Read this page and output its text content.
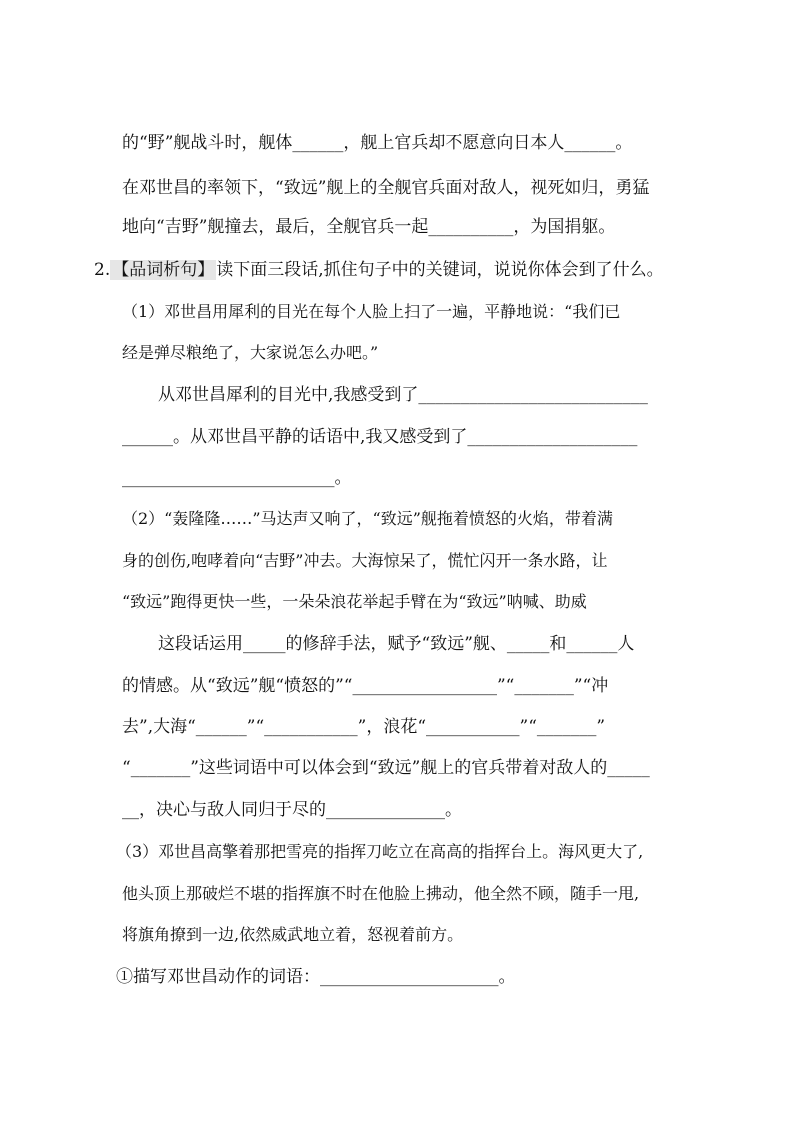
的“野”舰战斗时，舰体______，舰上官兵却不愿意向日本人______。
在邓世昌的率领下，“致远”舰上的全舰官兵面对敌人，视死如归，勇猛
地向“吉野”舰撞去，最后，全舰官兵一起__________，为国捐躯。
2. 【品词析句】 读下面三段话,抓住句子中的关键词，说说你体会到了什么。
（1）邓世昌用犀利的目光在每个人脸上扫了一遍，平静地说：“我们已
经是弹尽粮绝了，大家说怎么办吧。”
从邓世昌犀利的目光中,我感受到了___________________________
______。从邓世昌平静的话语中,我又感受到了____________________
_________________________。
（2）“轰隆隆……”马达声又响了，“致远”舰拖着愤怒的火焰，带着满
身的创伤,咆哮着向“吉野”冲去。大海惊呆了，慌忙闪开一条水路，让
“致远”跑得更快一些，一朵朵浪花举起手臂在为“致远”呐喊、助威
这段话运用_____的修辞手法，赋予“致远”舰、_____和______人
的情感。从“致远”舰“愤怒的”“_________________”“_______”“冲
去”,大海“______”“___________”，浪花“___________”“_______”
“_______”这些词语中可以体会到“致远”舰上的官兵带着对敌人的_____
__，决心与敌人同归于尽的______________。
（3）邓世昌高擎着那把雪亮的指挥刀屹立在高高的指挥台上。海风更大了,
他头顶上那破烂不堪的指挥旗不时在他脸上拂动，他全然不顾，随手一甩,
将旗角撩到一边,依然威武地立着，怒视着前方。
①描写邓世昌动作的词语：_____________________。
